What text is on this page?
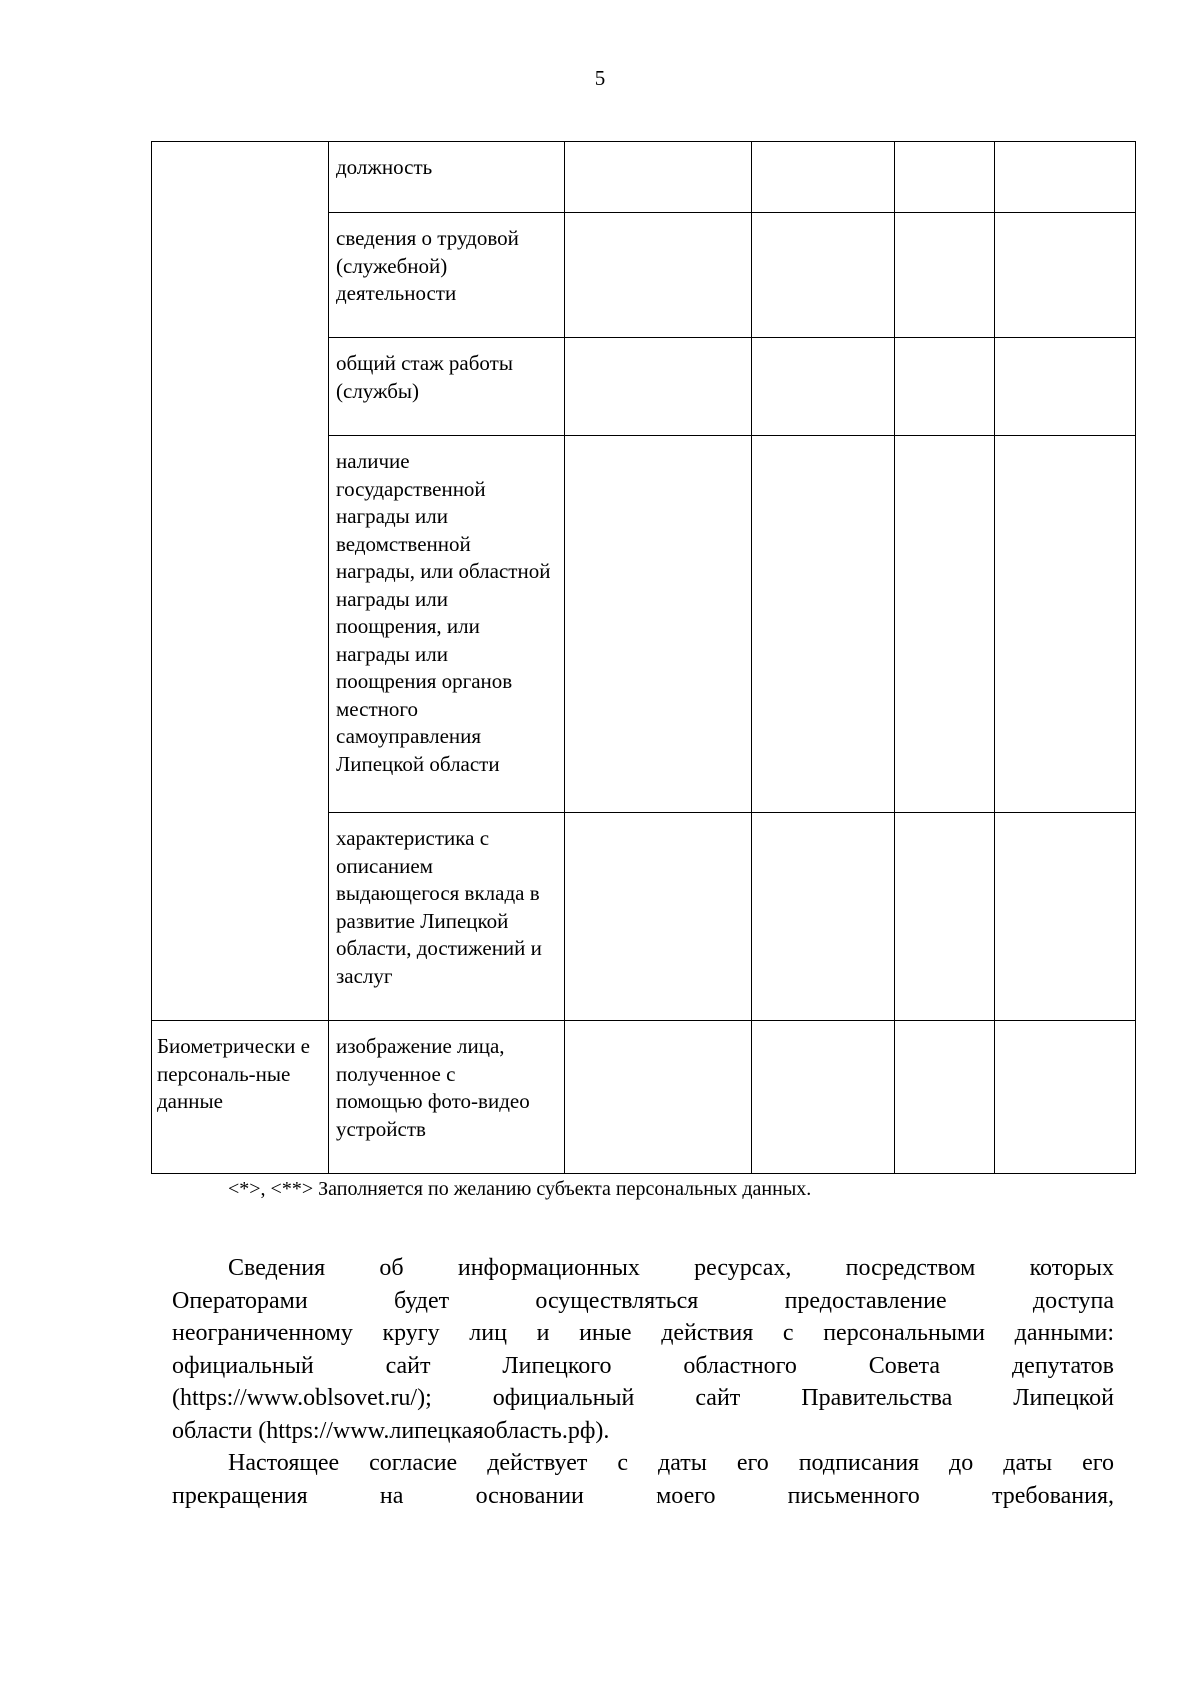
5

	должность				

	сведения о трудовой (служебной) деятельности				

	общий стаж работы (службы)				

	наличие государственной награды или ведомственной награды, или областной награды или поощрения, или награды или поощрения органов местного самоуправления Липецкой области				

	характеристика с описанием выдающегося вклада в развитие Липецкой области, достижений и заслуг				

Биометрически е персональ-ные данные	изображение лица, полученное с помощью фото-видео устройств				

<*>, <**> Заполняется по желанию субъекта персональных данных.
Сведения об информационных ресурсах, посредством которых
Операторами будет осуществляться предоставление доступа
неограниченному кругу лиц и иные действия с персональными данными:
официальный сайт Липецкого областного Совета депутатов
(https://www.oblsovet.ru/); официальный сайт Правительства Липецкой
области (https://www.липецкаяобласть.рф).
Настоящее согласие действует с даты его подписания до даты его
прекращения на основании моего письменного требования,
